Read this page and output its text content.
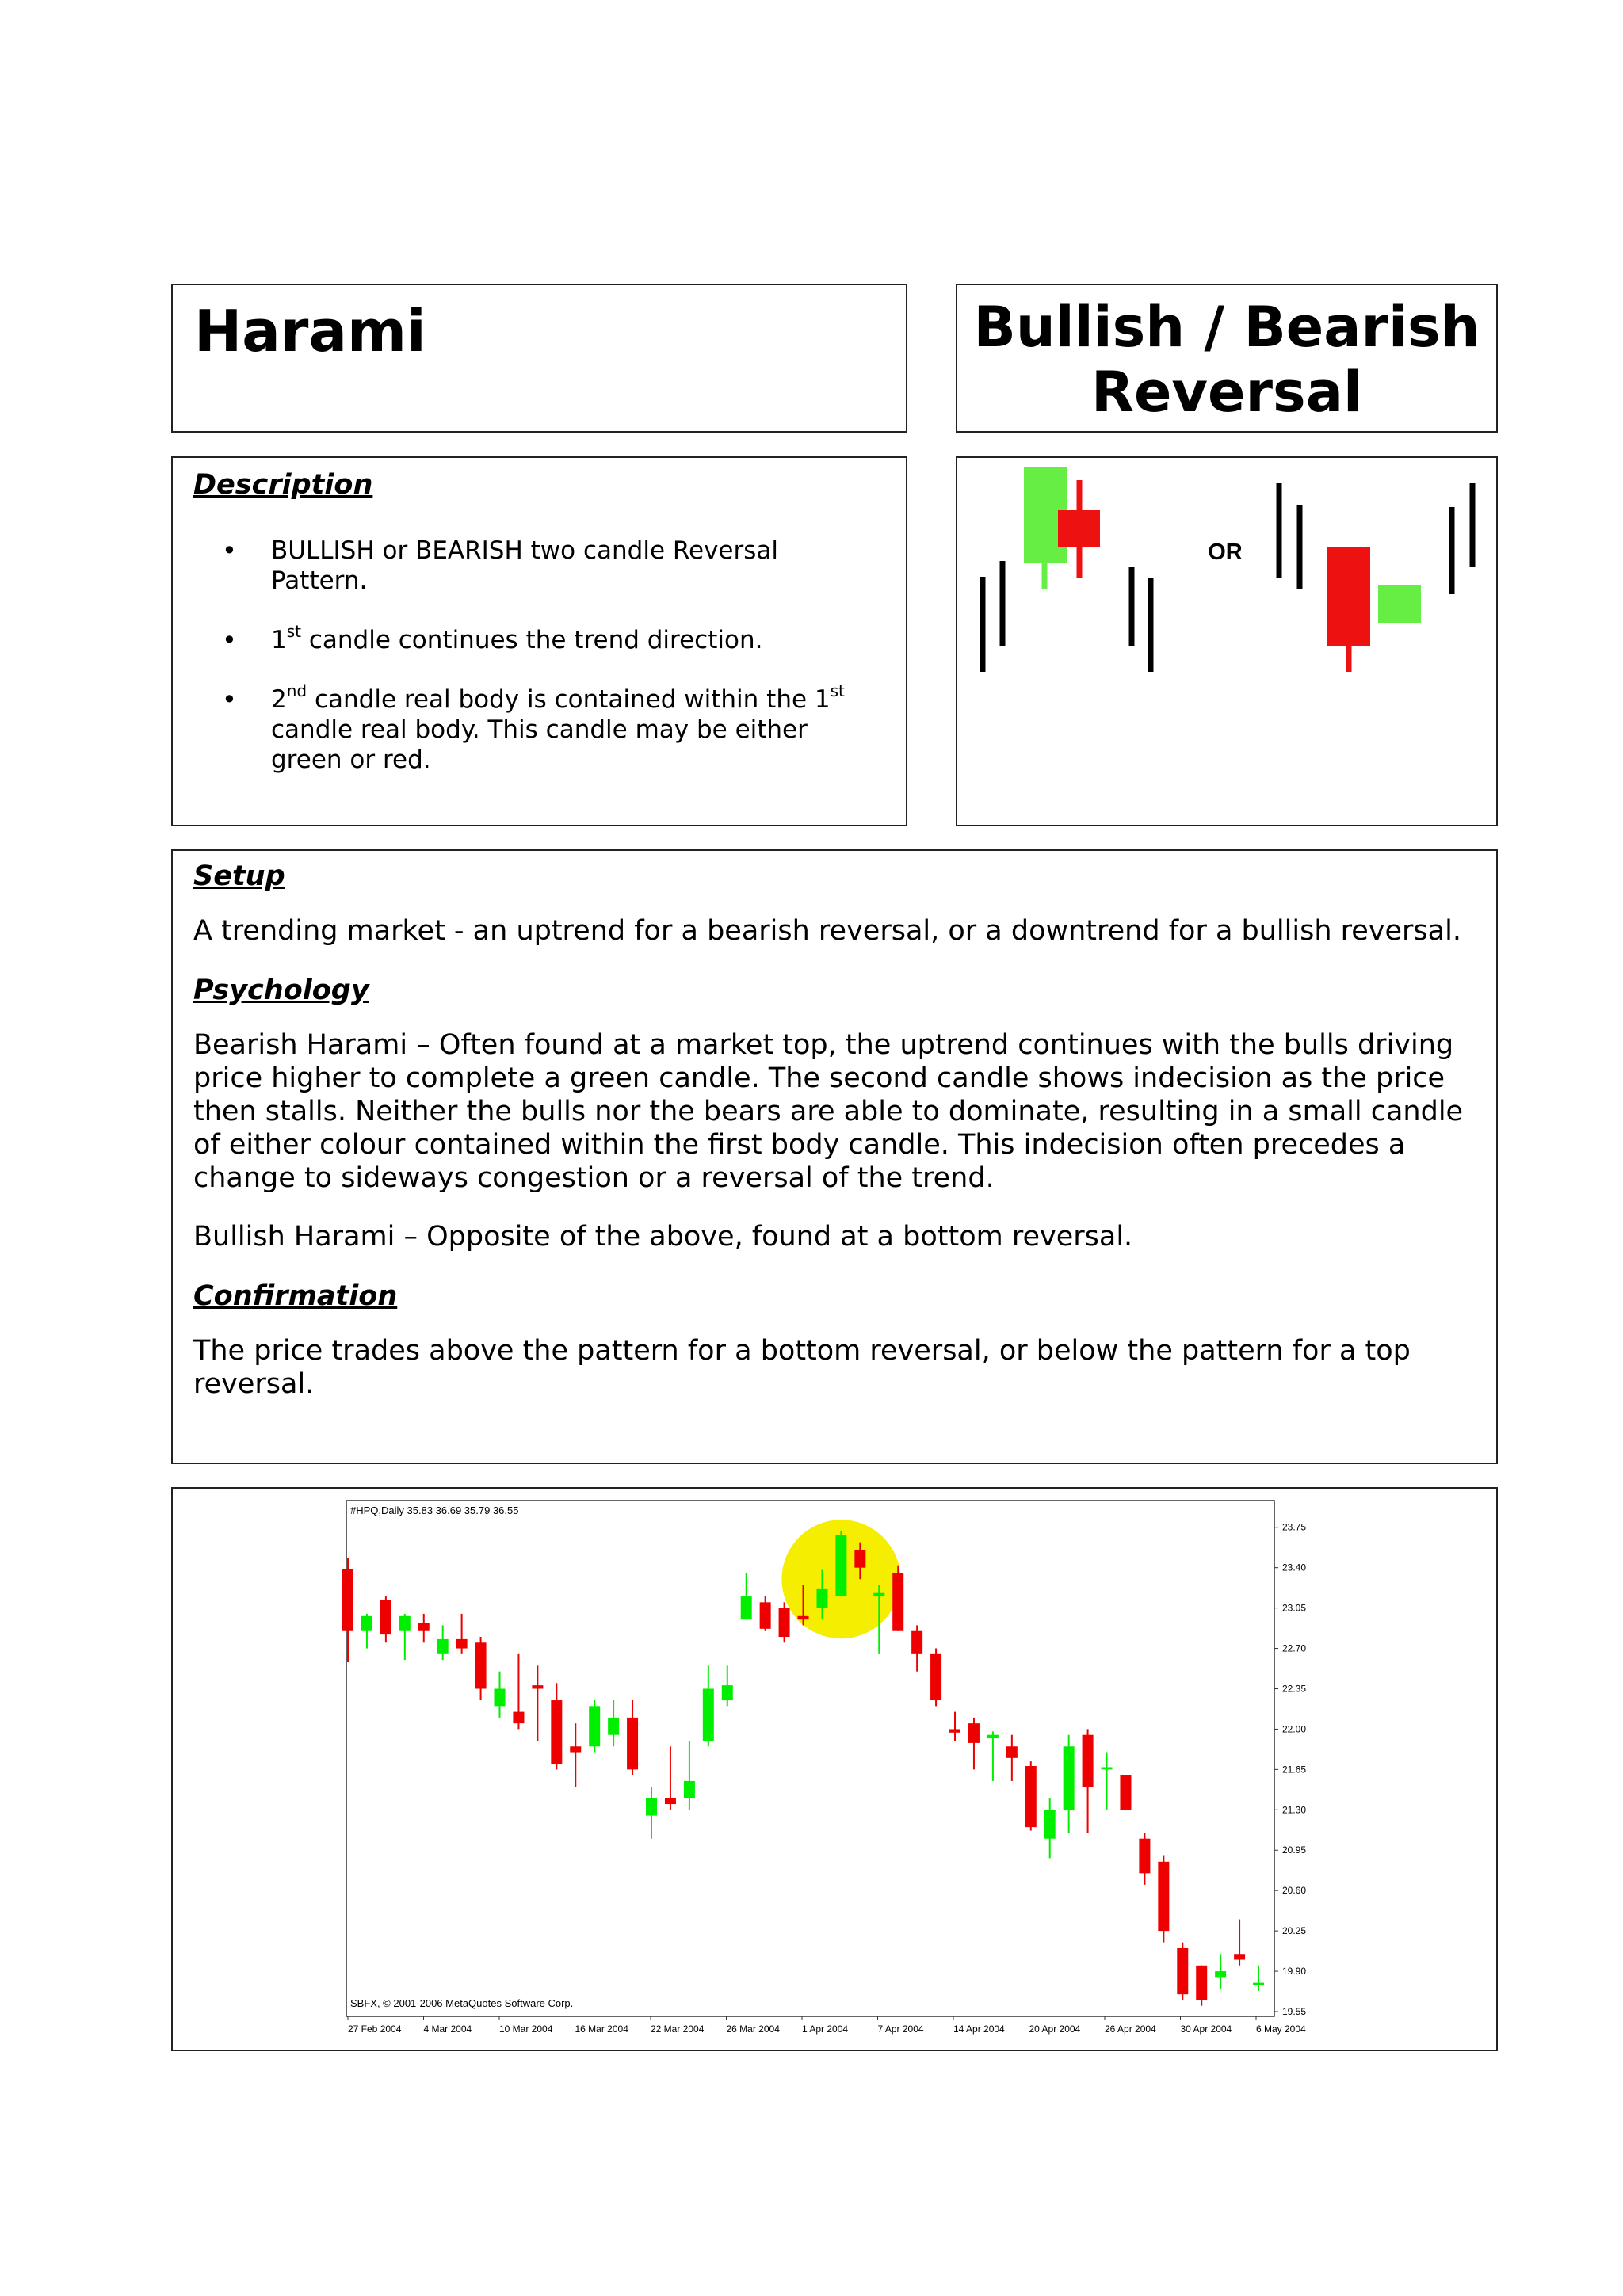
Harami	Bullish / Bearish Reversal
Description
• BULLISH or BEARISH two candle Reversal Pattern.
• 1st candle continues the trend direction.
• 2nd candle real body is contained within the 1st candle real body. This candle may be either green or red.
OR
Setup

A trending market - an uptrend for a bearish reversal, or a downtrend for a bullish reversal.

Psychology

Bearish Harami – Often found at a market top, the uptrend continues with the bulls driving price higher to complete a green candle. The second candle shows indecision as the price then stalls. Neither the bulls nor the bears are able to dominate, resulting in a small candle of either colour contained within the first body candle. This indecision often precedes a change to sideways congestion or a reversal of the trend.

Bullish Harami – Opposite of the above, found at a bottom reversal.

Confirmation

The price trades above the pattern for a bottom reversal, or below the pattern for a top reversal.

#HPQ,Daily 35.83 36.69 35.79 36.55
SBFX, © 2001-2006 MetaQuotes Software Corp.
23.75
23.40
23.05
22.70
22.35
22.00
21.65
21.30
20.95
20.60
20.25
19.90
19.55
27 Feb 2004 4 Mar 2004	10 Mar 2004 16 Mar 2004 22 Mar 2004 26 Mar 2004 1 Apr 2004	7 Apr 2004	14 Apr 2004	20 Apr 2004	26 Apr 2004	30 Apr 2004	6 May 2004
